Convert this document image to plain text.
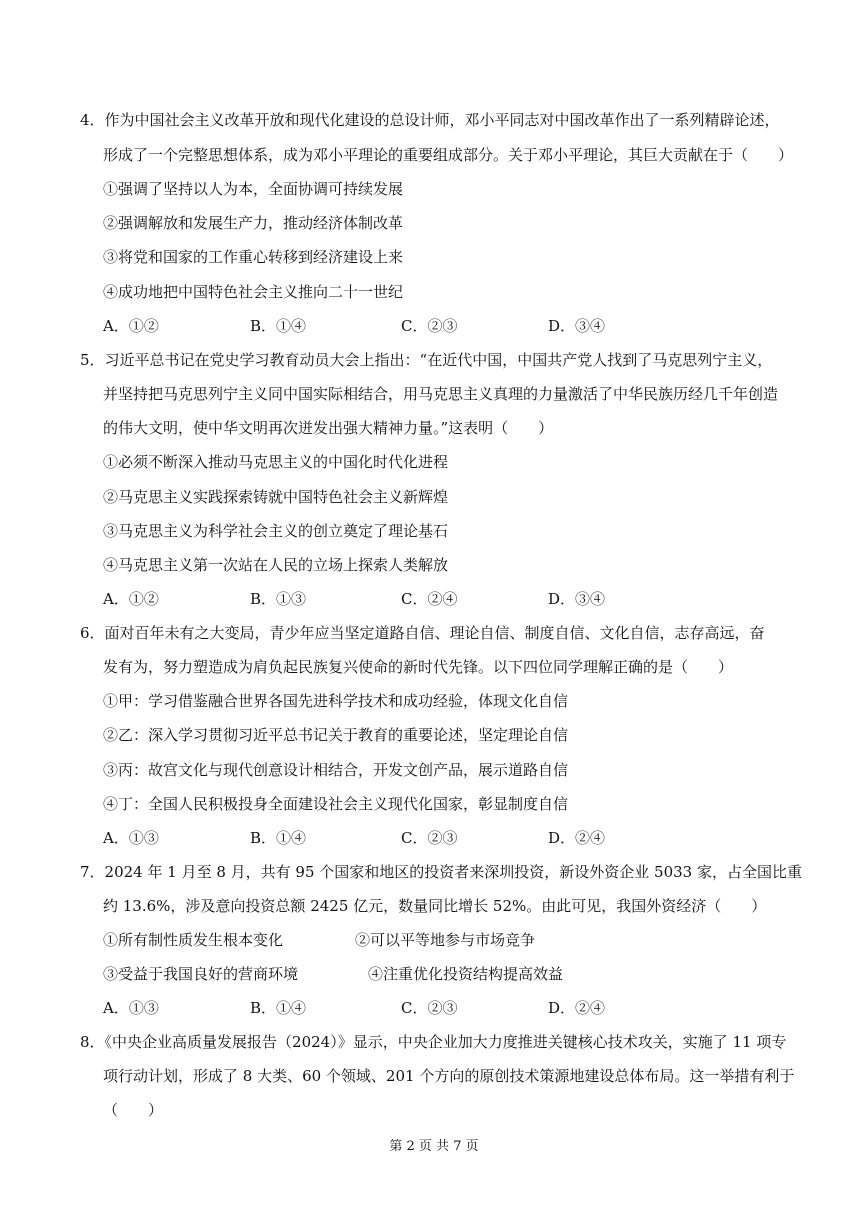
4．作为中国社会主义改革开放和现代化建设的总设计师，邓小平同志对中国改革作出了一系列精辟论述，
形成了一个完整思想体系，成为邓小平理论的重要组成部分。关于邓小平理论，其巨大贡献在于（　　）
①强调了坚持以人为本，全面协调可持续发展
②强调解放和发展生产力，推动经济体制改革
③将党和国家的工作重心转移到经济建设上来
④成功地把中国特色社会主义推向二十一世纪
A．①②	B．①④	C．②③	D．③④
5．习近平总书记在党史学习教育动员大会上指出：“在近代中国，中国共产党人找到了马克思列宁主义，
并坚持把马克思列宁主义同中国实际相结合，用马克思主义真理的力量激活了中华民族历经几千年创造
的伟大文明，使中华文明再次迸发出强大精神力量。”这表明（　　）
①必须不断深入推动马克思主义的中国化时代化进程
②马克思主义实践探索铸就中国特色社会主义新辉煌
③马克思主义为科学社会主义的创立奠定了理论基石
④马克思主义第一次站在人民的立场上探索人类解放
A．①②	B．①③	C．②④	D．③④
6．面对百年未有之大变局，青少年应当坚定道路自信、理论自信、制度自信、文化自信，志存高远，奋
发有为，努力塑造成为肩负起民族复兴使命的新时代先锋。以下四位同学理解正确的是（　　）
①甲：学习借鉴融合世界各国先进科学技术和成功经验，体现文化自信
②乙：深入学习贯彻习近平总书记关于教育的重要论述，坚定理论自信
③丙：故宫文化与现代创意设计相结合，开发文创产品，展示道路自信
④丁：全国人民积极投身全面建设社会主义现代化国家，彰显制度自信
A．①③	B．①④	C．②③	D．②④
7．2024 年 1 月至 8 月，共有 95 个国家和地区的投资者来深圳投资，新设外资企业 5033 家，占全国比重
约 13.6%，涉及意向投资总额 2425 亿元，数量同比增长 52%。由此可见，我国外资经济（　　）
①所有制性质发生根本变化	②可以平等地参与市场竞争
③受益于我国良好的营商环境	④注重优化投资结构提高效益
A．①③	B．①④	C．②③	D．②④
8．《中央企业高质量发展报告（2024）》显示，中央企业加大力度推进关键核心技术攻关，实施了 11 项专
项行动计划，形成了 8 大类、60 个领域、201 个方向的原创技术策源地建设总体布局。这一举措有利于
（　　）
第 2 页 共 7 页
